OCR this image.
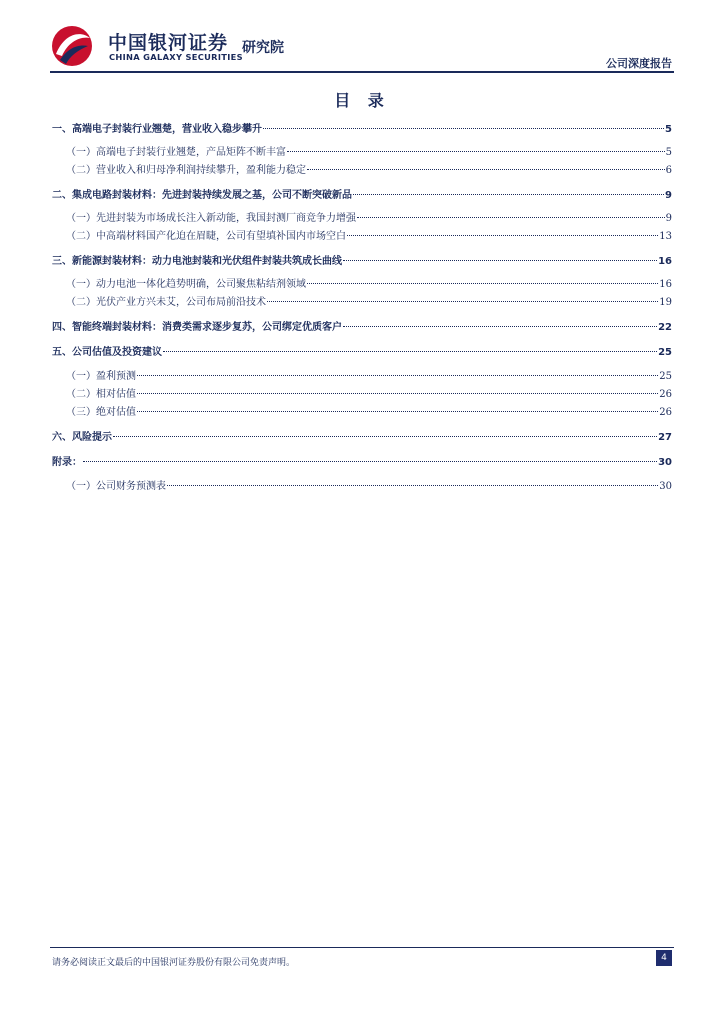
中国银河证券
CHINA GALAXY SECURITIES
研究院
公司深度报告
目 录
一、高端电子封装行业翘楚，营业收入稳步攀升	5
（一）高端电子封装行业翘楚，产品矩阵不断丰富	5
（二）营业收入和归母净利润持续攀升，盈利能力稳定	6
二、集成电路封装材料：先进封装持续发展之基，公司不断突破新品	9
（一）先进封装为市场成长注入新动能，我国封测厂商竞争力增强	9
（二）中高端材料国产化迫在眉睫，公司有望填补国内市场空白	13
三、新能源封装材料：动力电池封装和光伏组件封装共筑成长曲线	16
（一）动力电池一体化趋势明确，公司聚焦粘结剂领域	16
（二）光伏产业方兴未艾，公司布局前沿技术	19
四、智能终端封装材料：消费类需求逐步复苏，公司绑定优质客户	22
五、公司估值及投资建议	25
（一）盈利预测	25
（二）相对估值	26
（三）绝对估值	26
六、风险提示	27
附录：	30
（一）公司财务预测表	30
请务必阅读正文最后的中国银河证券股份有限公司免责声明。	4
